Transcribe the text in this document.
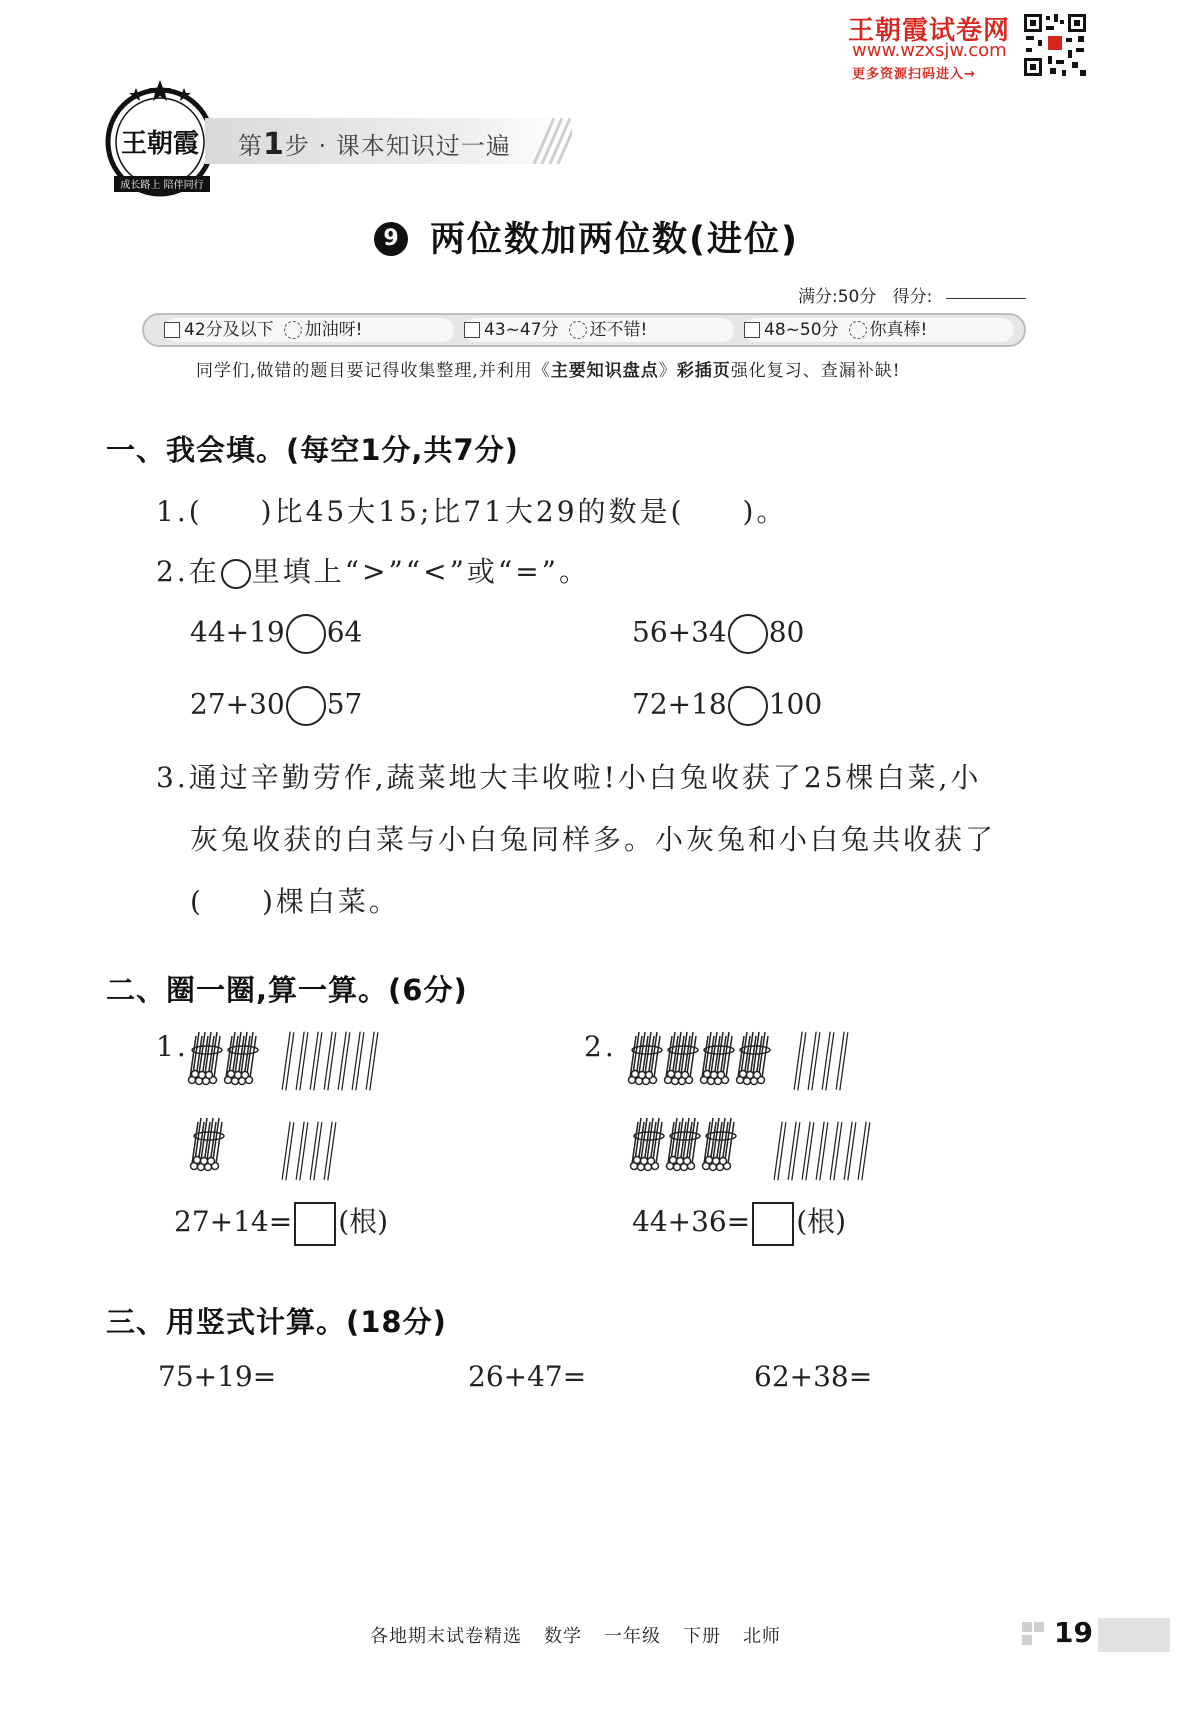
王朝霞试卷网
www.wzxsjw.com
更多资源扫码进入→
王朝霞
成长路上 陪伴同行
第1步 · 课本知识过一遍
9 两位数加两位数(进位)
满分:50分 得分:
42分及以下 加油呀!	43~47分 还不错!	48~50分 你真棒!
同学们,做错的题目要记得收集整理,并利用《主要知识盘点》彩插页强化复习、查漏补缺!
一、我会填。(每空1分,共7分)
1.( )比45大15;比71大29的数是( )。
2.在 里填上“>”“<”或“=”。
44+19 64	56+34 80
27+30 57	72+18 100
3.通过辛勤劳作,蔬菜地大丰收啦!小白兔收获了25棵白菜,小
灰兔收获的白菜与小白兔同样多。小灰兔和小白兔共收获了
( )棵白菜。
二、圈一圈,算一算。(6分)
1.
27+14= (根)
2.
44+36= (根)
三、用竖式计算。(18分)
75+19=	26+47=	62+38=
各地期末试卷精选 数学 一年级 下册 北师	19
